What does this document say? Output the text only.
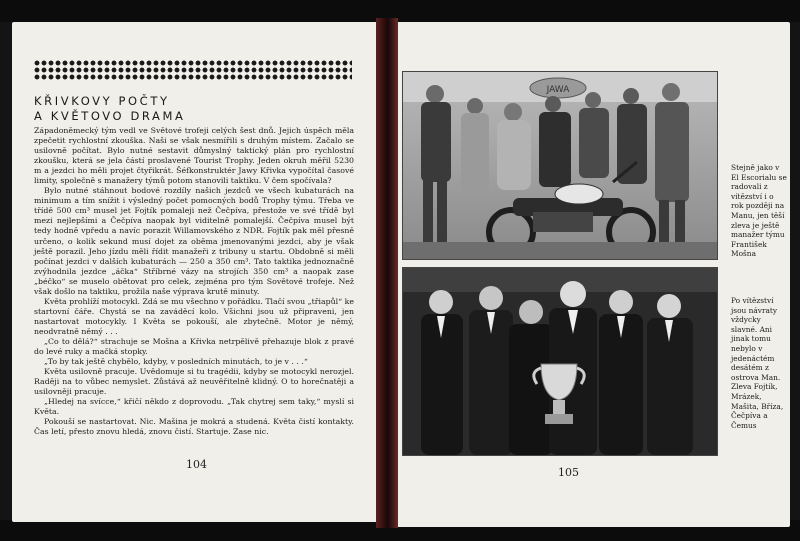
KŘIVKOVY POČTY
A KVĚTOVO DRAMA

Západoněmecký tým vedl ve Světové trofeji celých šest dnů. Jejich úspěch měla zpečetit rychlostní zkouška. Naši se však nesmířili s druhým místem. Začalo se usilovně počítat. Bylo nutné sestavit důmyslný taktický plán pro rychlostní zkoušku, která se jela částí proslavené Tourist Trophy. Jeden okruh měřil 5230 m a jezdci ho měli projet čtyřikrát. Šéfkonstruktér Jawy Křivka vypočítal časové limity, společně s manažery týmů potom stanovili taktiku. V čem spočívala?

Bylo nutné stáhnout bodové rozdíly našich jezdců ve všech kubaturách na minimum a tím snížit i výsledný počet pomocných bodů Trophy týmu. Třeba ve třídě 500 cm³ musel jet Fojtík pomaleji než Čečpíva, přestože ve své třídě byl mezi nejlepšími a Čečpíva naopak byl viditelně pomalejší. Čečpíva musel být tedy hodně vpředu a navíc porazit Willamovského z NDR. Fojtík pak měl přesně určeno, o kolik sekund musí dojet za oběma jmenovanými jezdci, aby je však ještě porazil. Jeho jízdu měli řídit manažeři z tribuny u startu. Obdobně si měli počínat jezdci v dalších kubaturách — 250 a 350 cm³. Tato taktika jednoznačně zvýhodnila jezdce „áčka“ Stříbrné vázy na strojích 350 cm³ a naopak zase „béčko“ se muselo obětovat pro celek, zejména pro tým Sovětové trofeje. Než však došlo na taktiku, prožila naše výprava krutě minuty.

Květa prohlíží motocykl. Zdá se mu všechno v pořádku. Tlačí svou „třiapůl“ ke startovní čáře. Chystá se na zaváděcí kolo. Všichni jsou už připraveni, jen nastartovat motocykly. I Květa se pokouší, ale zbytečně. Motor je němý, neodvratně němý . . .

„Co to dělá?“ strachuje se Mošna a Křivka netrpělivě přehazuje blok z pravé do levé ruky a mačká stopky.

„To by tak ještě chybělo, kdyby, v posledních minutách, to je v . . .“

Květa usilovně pracuje. Uvědomuje si tu tragédii, kdyby se motocykl nerozjel. Raději na to vůbec nemyslet. Zůstává až neuvěřitelně klidný. O to horečnatěji a usilovněji pracuje.

„Hledej na svícce,“ křičí někdo z doprovodu. „Tak chytrej sem taky,“ myslí si Květa.

Pokouší se nastartovat. Nic. Mašina je mokrá a studená. Květa čistí kontakty. Čas letí, přesto znovu hledá, znovu čistí. Startuje. Zase nic.

104
JAWA
Stejně jako v El Escorialu se radovali z vítězství i o rok později na Manu, jen těší zleva je ještě manažer týmu František Mošna
Po vítězství jsou návraty vždycky slavné. Ani jinak tomu nebylo v jedenáctém desátém z ostrova Man. Zleva Fojtík, Mrázek, Mašita, Bříza, Čečpíva a Čemus
105
